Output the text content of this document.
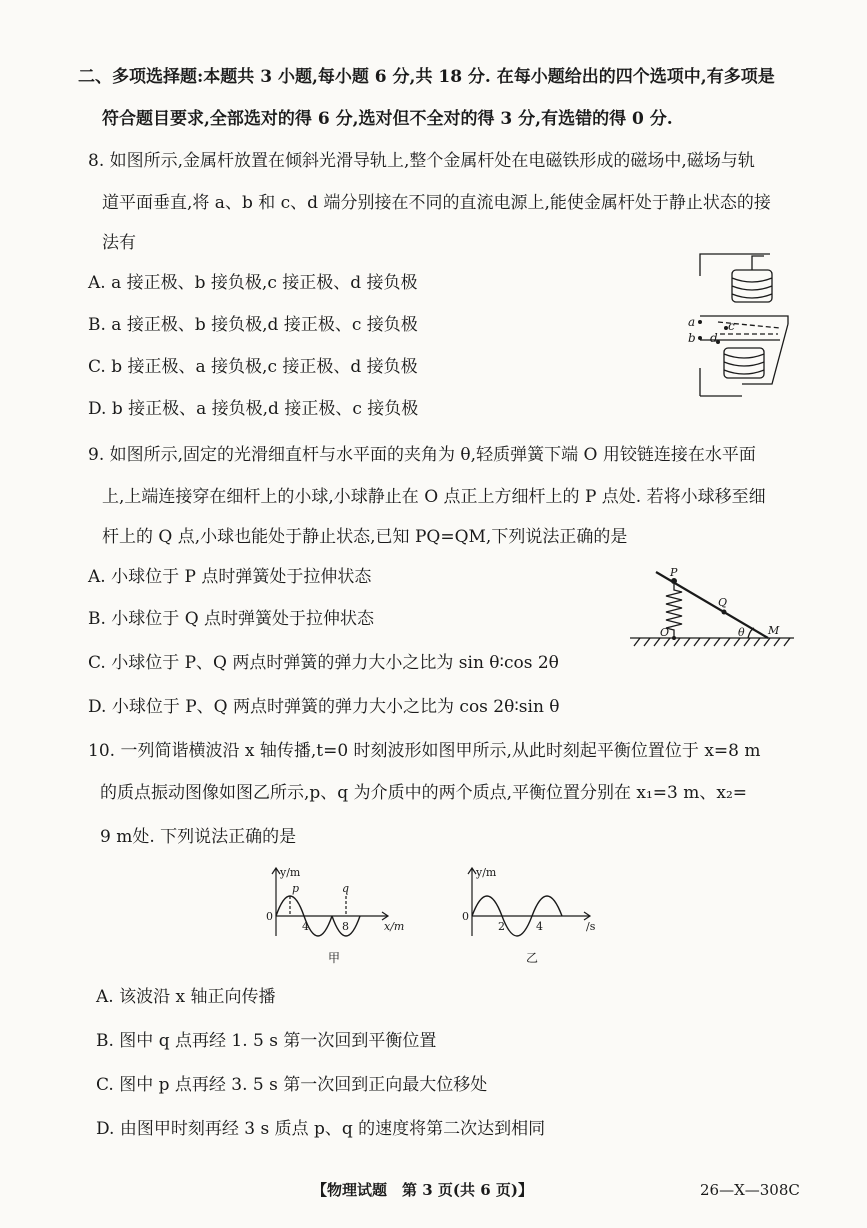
二、多项选择题:本题共 3 小题,每小题 6 分,共 18 分. 在每小题给出的四个选项中,有多项是
符合题目要求,全部选对的得 6 分,选对但不全对的得 3 分,有选错的得 0 分.
8. 如图所示,金属杆放置在倾斜光滑导轨上,整个金属杆处在电磁铁形成的磁场中,磁场与轨
道平面垂直,将 a、b 和 c、d 端分别接在不同的直流电源上,能使金属杆处于静止状态的接
法有
A. a 接正极、b 接负极,c 接正极、d 接负极
B. a 接正极、b 接负极,d 接正极、c 接负极
C. b 接正极、a 接负极,c 接正极、d 接负极
D. b 接正极、a 接负极,d 接正极、c 接负极
a
b
c
d
9. 如图所示,固定的光滑细直杆与水平面的夹角为 θ,轻质弹簧下端 O 用铰链连接在水平面
上,上端连接穿在细杆上的小球,小球静止在 O 点正上方细杆上的 P 点处. 若将小球移至细
杆上的 Q 点,小球也能处于静止状态,已知 PQ=QM,下列说法正确的是
A. 小球位于 P 点时弹簧处于拉伸状态
B. 小球位于 Q 点时弹簧处于拉伸状态
C. 小球位于 P、Q 两点时弹簧的弹力大小之比为 sin θ∶cos 2θ
D. 小球位于 P、Q 两点时弹簧的弹力大小之比为 cos 2θ∶sin θ
P
Q
O	θ M
10. 一列简谐横波沿 x 轴传播,t=0 时刻波形如图甲所示,从此时刻起平衡位置位于 x=8 m
的质点振动图像如图乙所示,p、q 为介质中的两个质点,平衡位置分别在 x₁=3 m、x₂=
9 m处. 下列说法正确的是
y/m
0
4	8	x/m
p	q
甲
y/m
0
2	4	/s
乙
A. 该波沿 x 轴正向传播
B. 图中 q 点再经 1. 5 s 第一次回到平衡位置
C. 图中 p 点再经 3. 5 s 第一次回到正向最大位移处
D. 由图甲时刻再经 3 s 质点 p、q 的速度将第二次达到相同
【物理试题　第 3 页(共 6 页)】	26—X—308C
